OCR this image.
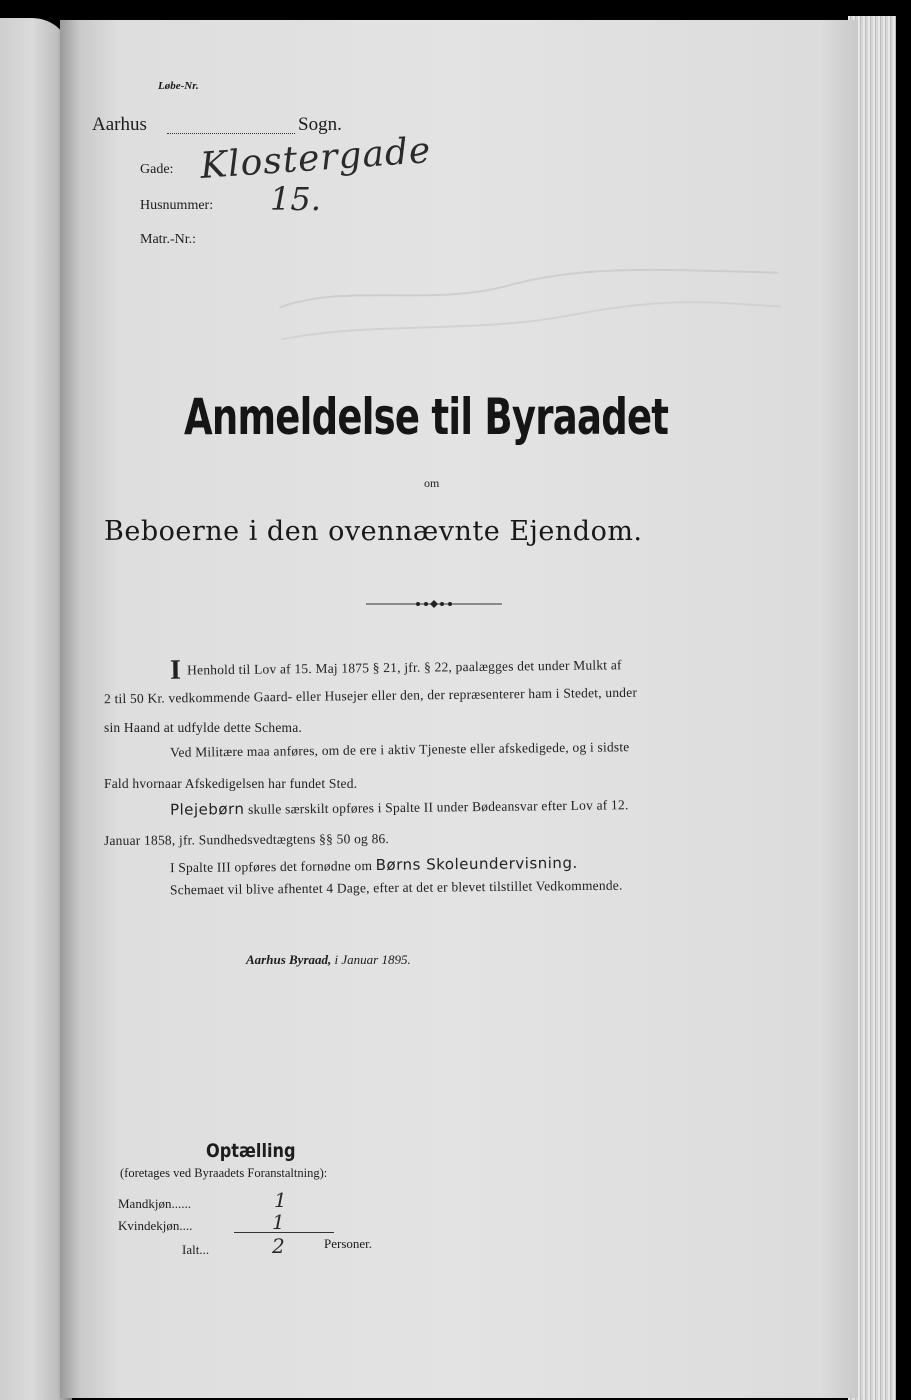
Løbe-Nr.
Aarhus	Sogn.
Gade: Klostergade
Husnummer: 15.
Matr.-Nr.:
Anmeldelse til Byraadet
om
Beboerne i den ovennævnte Ejendom.
I Henhold til Lov af 15. Maj 1875 § 21, jfr. § 22, paalægges det under Mulkt af
2 til 50 Kr. vedkommende Gaard- eller Husejer eller den, der repræsenterer ham i Stedet, under
sin Haand at udfylde dette Schema.
Ved Militære maa anføres, om de ere i aktiv Tjeneste eller afskedigede, og i sidste
Fald hvornaar Afskedigelsen har fundet Sted.
Plejebørn skulle særskilt opføres i Spalte II under Bødeansvar efter Lov af 12.
Januar 1858, jfr. Sundhedsvedtægtens §§ 50 og 86.
I Spalte III opføres det fornødne om Børns Skoleundervisning.
Schemaet vil blive afhentet 4 Dage, efter at det er blevet tilstillet Vedkommende.
Aarhus Byraad, i Januar 1895.
Optælling
(foretages ved Byraadets Foranstaltning):
Mandkjøn......	1
Kvindekjøn....	1
Ialt...	2	Personer.
